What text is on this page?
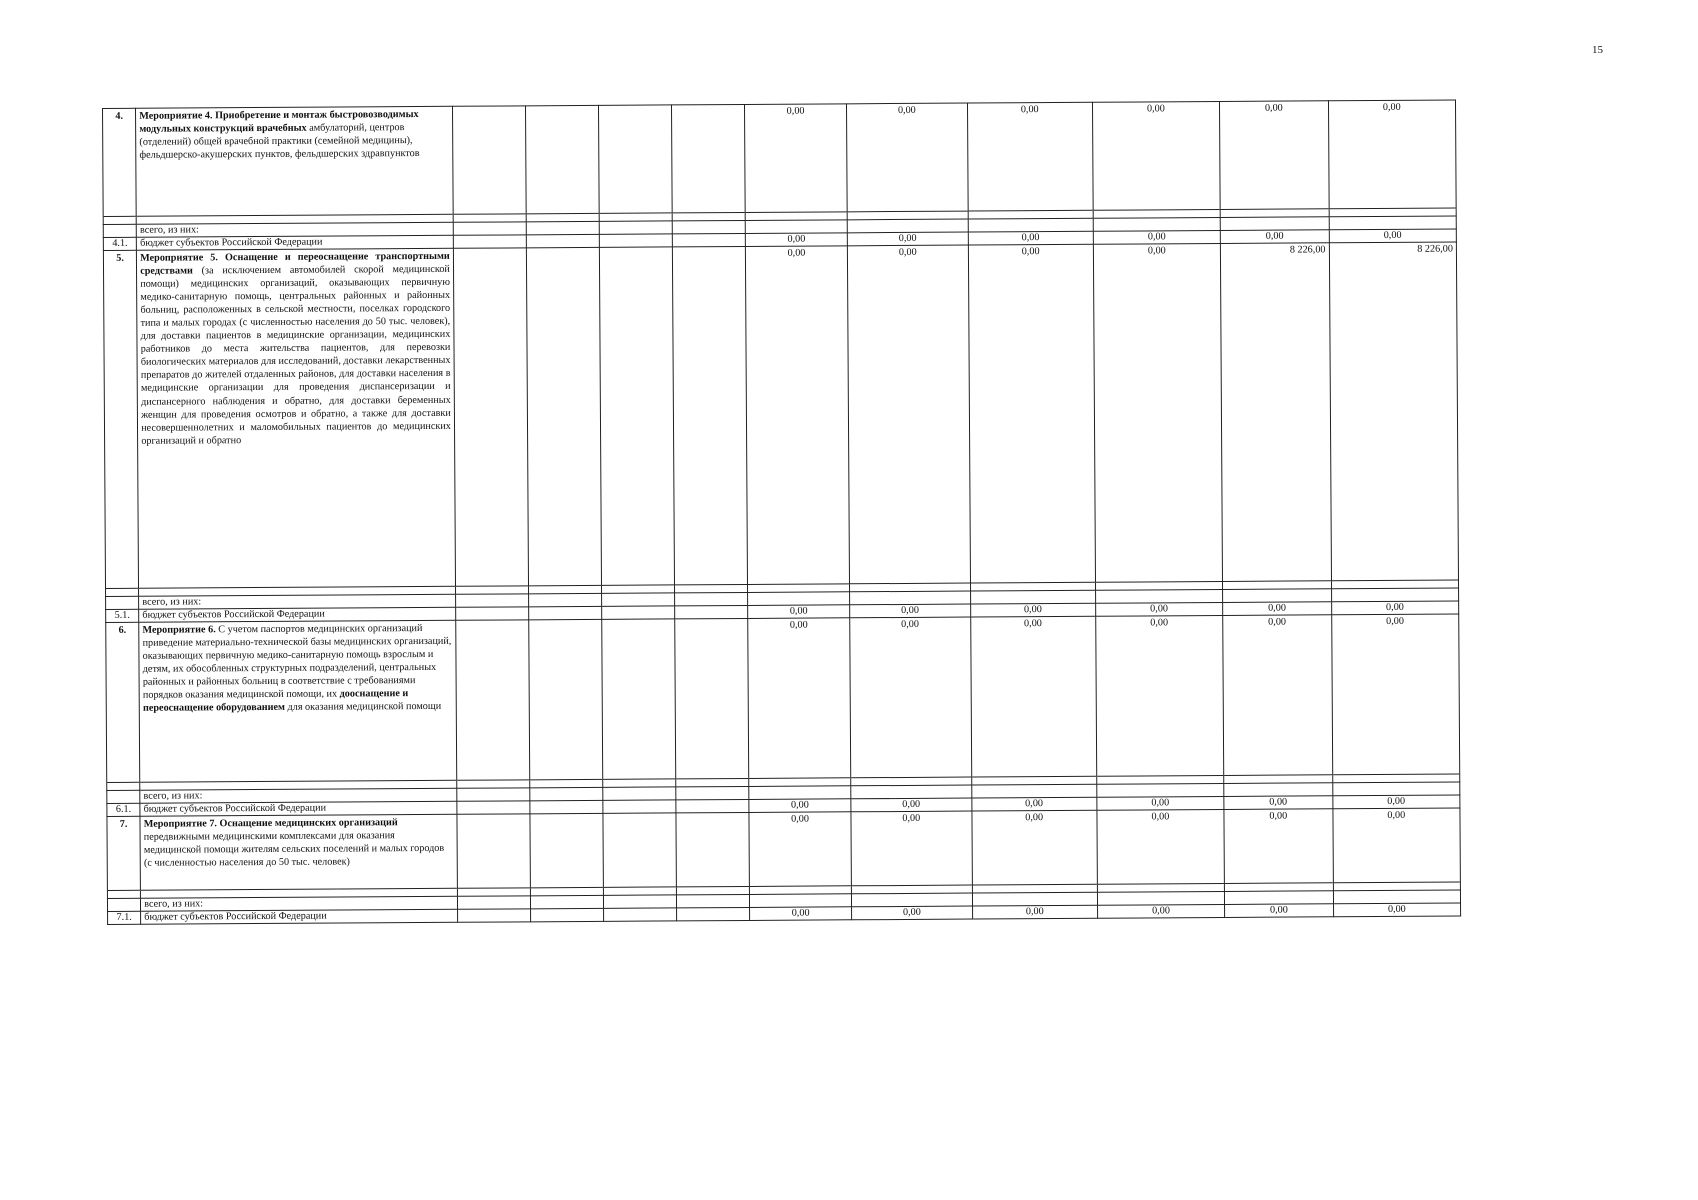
15
4.	Мероприятие 4. Приобретение и монтаж быстровозводимых модульных конструкций врачебных амбулаторий, центров (отделений) общей врачебной практики (семейной медицины), фельдшерско-акушерских пунктов, фельдшерских здравпунктов					0,00	0,00	0,00	0,00	0,00	0,00

	всего, из них:										
4.1.	бюджет субъектов Российской Федерации					0,00	0,00	0,00	0,00	0,00	0,00
5.	Мероприятие 5. Оснащение и переоснащение транспортными средствами (за исключением автомобилей скорой медицинской помощи) медицинских организаций, оказывающих первичную медико-санитарную помощь, центральных районных и районных больниц, расположенных в сельской местности, поселках городского типа и малых городах (с численностью населения до 50 тыс. человек), для доставки пациентов в медицинские организации, медицинских работников до места жительства пациентов, для перевозки биологических материалов для исследований, доставки лекарственных препаратов до жителей отдаленных районов, для доставки населения в медицинские организации для проведения диспансеризации и диспансерного наблюдения и обратно, для доставки беременных женщин для проведения осмотров и обратно, а также для доставки несовершеннолетних и маломобильных пациентов до медицинских организаций и обратно					0,00	0,00	0,00	0,00	8 226,00	8 226,00

	всего, из них:										
5.1.	бюджет субъектов Российской Федерации					0,00	0,00	0,00	0,00	0,00	0,00
6.	Мероприятие 6. С учетом паспортов медицинских организаций приведение материально-технической базы медицинских организаций, оказывающих первичную медико-санитарную помощь взрослым и детям, их обособленных структурных подразделений, центральных районных и районных больниц в соответствие с требованиями порядков оказания медицинской помощи, их дооснащение и переоснащение оборудованием для оказания медицинской помощи					0,00	0,00	0,00	0,00	0,00	0,00

	всего, из них:										
6.1.	бюджет субъектов Российской Федерации					0,00	0,00	0,00	0,00	0,00	0,00
7.	Мероприятие 7. Оснащение медицинских организаций передвижными медицинскими комплексами для оказания медицинской помощи жителям сельских поселений и малых городов (с численностью населения до 50 тыс. человек)					0,00	0,00	0,00	0,00	0,00	0,00

	всего, из них:										
7.1.	бюджет субъектов Российской Федерации					0,00	0,00	0,00	0,00	0,00	0,00
